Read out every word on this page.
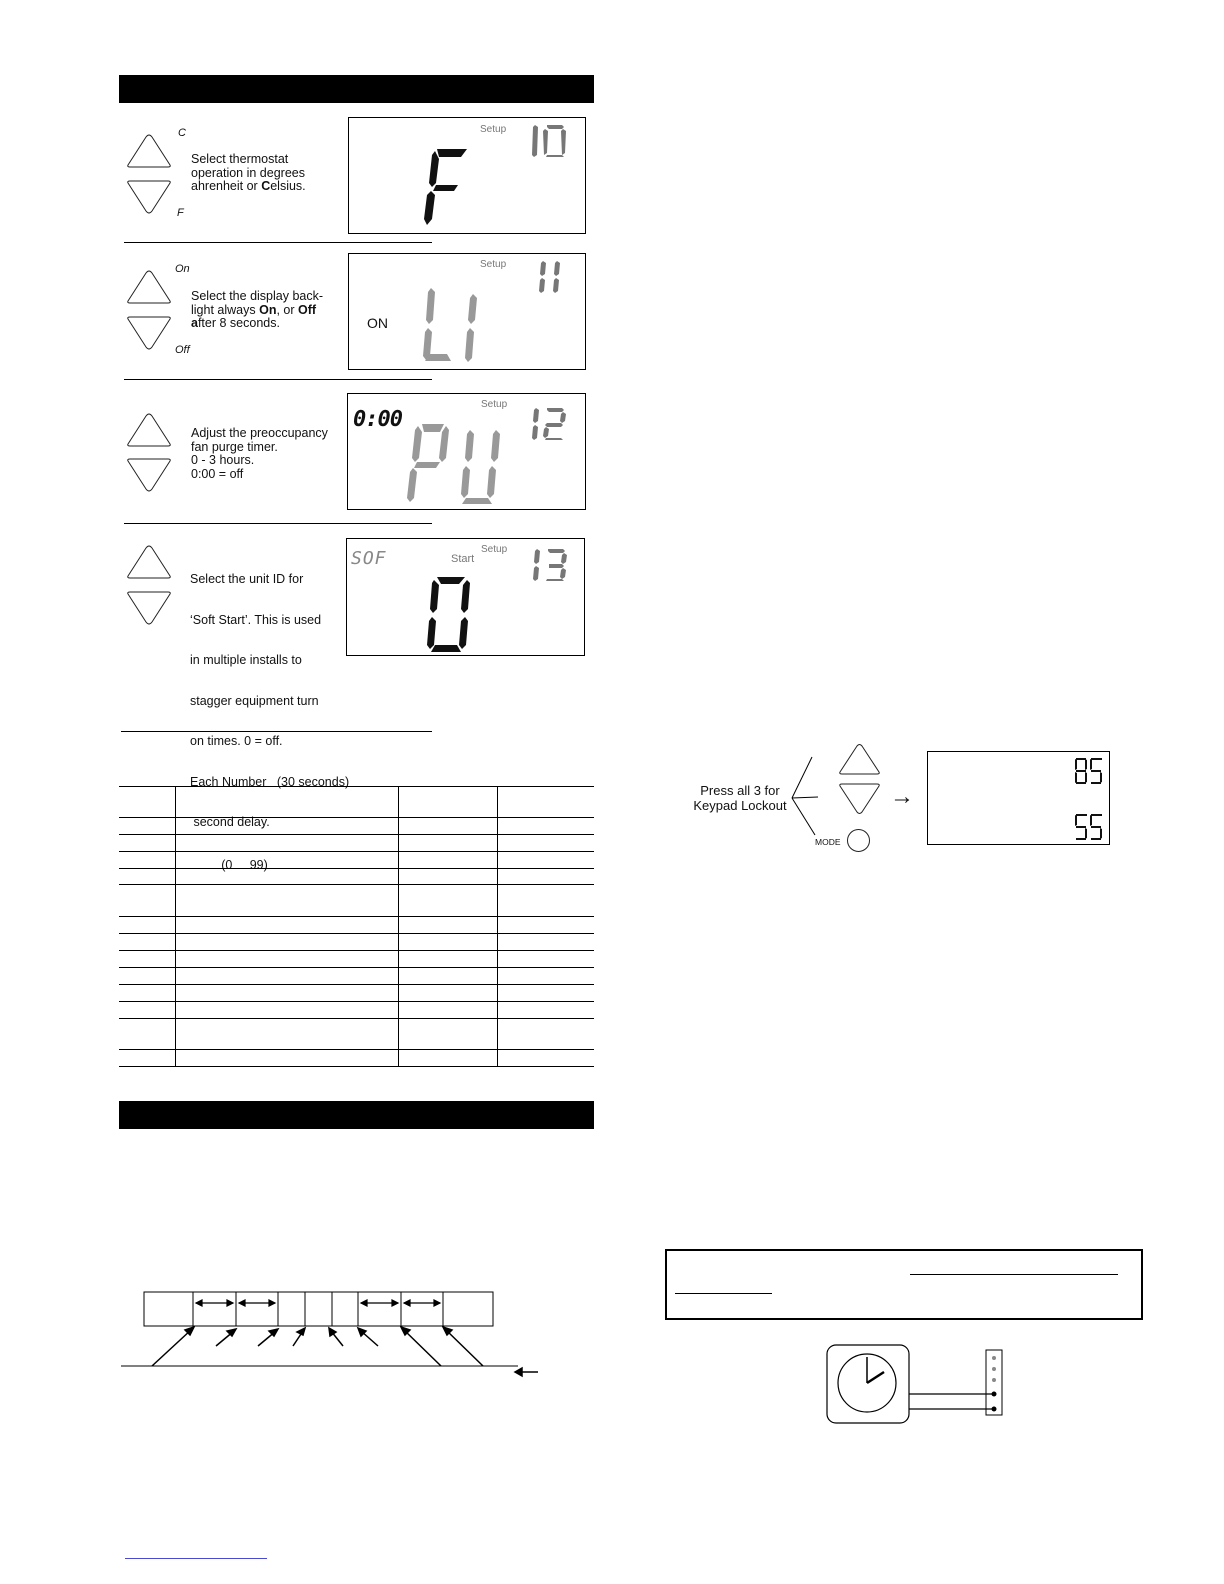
C
F
Select thermostat
operation in degrees
ahrenheit or Celsius.
Setup
On
Off
Select the display back-
light always On, or Off
after 8 seconds.
Setup
ON
Adjust the preoccupancy
fan purge timer.
0 - 3 hours.
0:00 = off
0:00
Setup

Select the unit ID for

‘Soft Start’. This is used

in multiple installs to

stagger equipment turn

on times. 0 = off.

Each Number   (30 seconds)

second delay.

(0     99)

SOF	Start
Setup

Press all 3 for
Keypad Lockout
MODE
→
